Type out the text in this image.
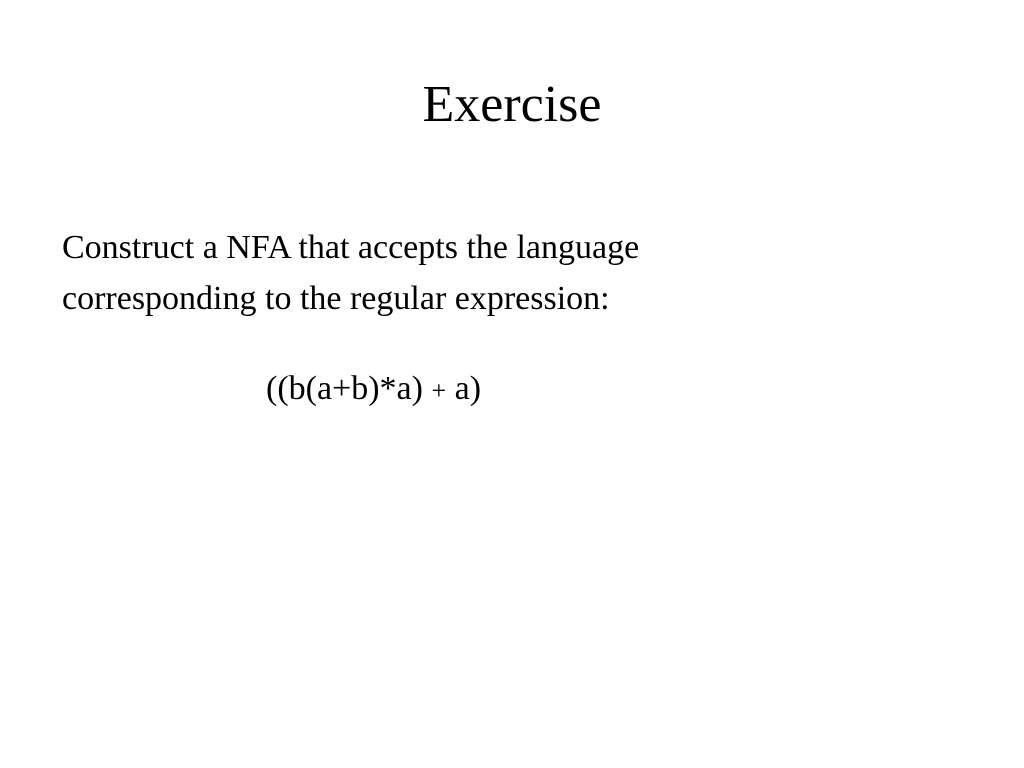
Exercise
Construct a NFA that accepts the language
corresponding to the regular expression:
((b(a+b)*a) + a)
